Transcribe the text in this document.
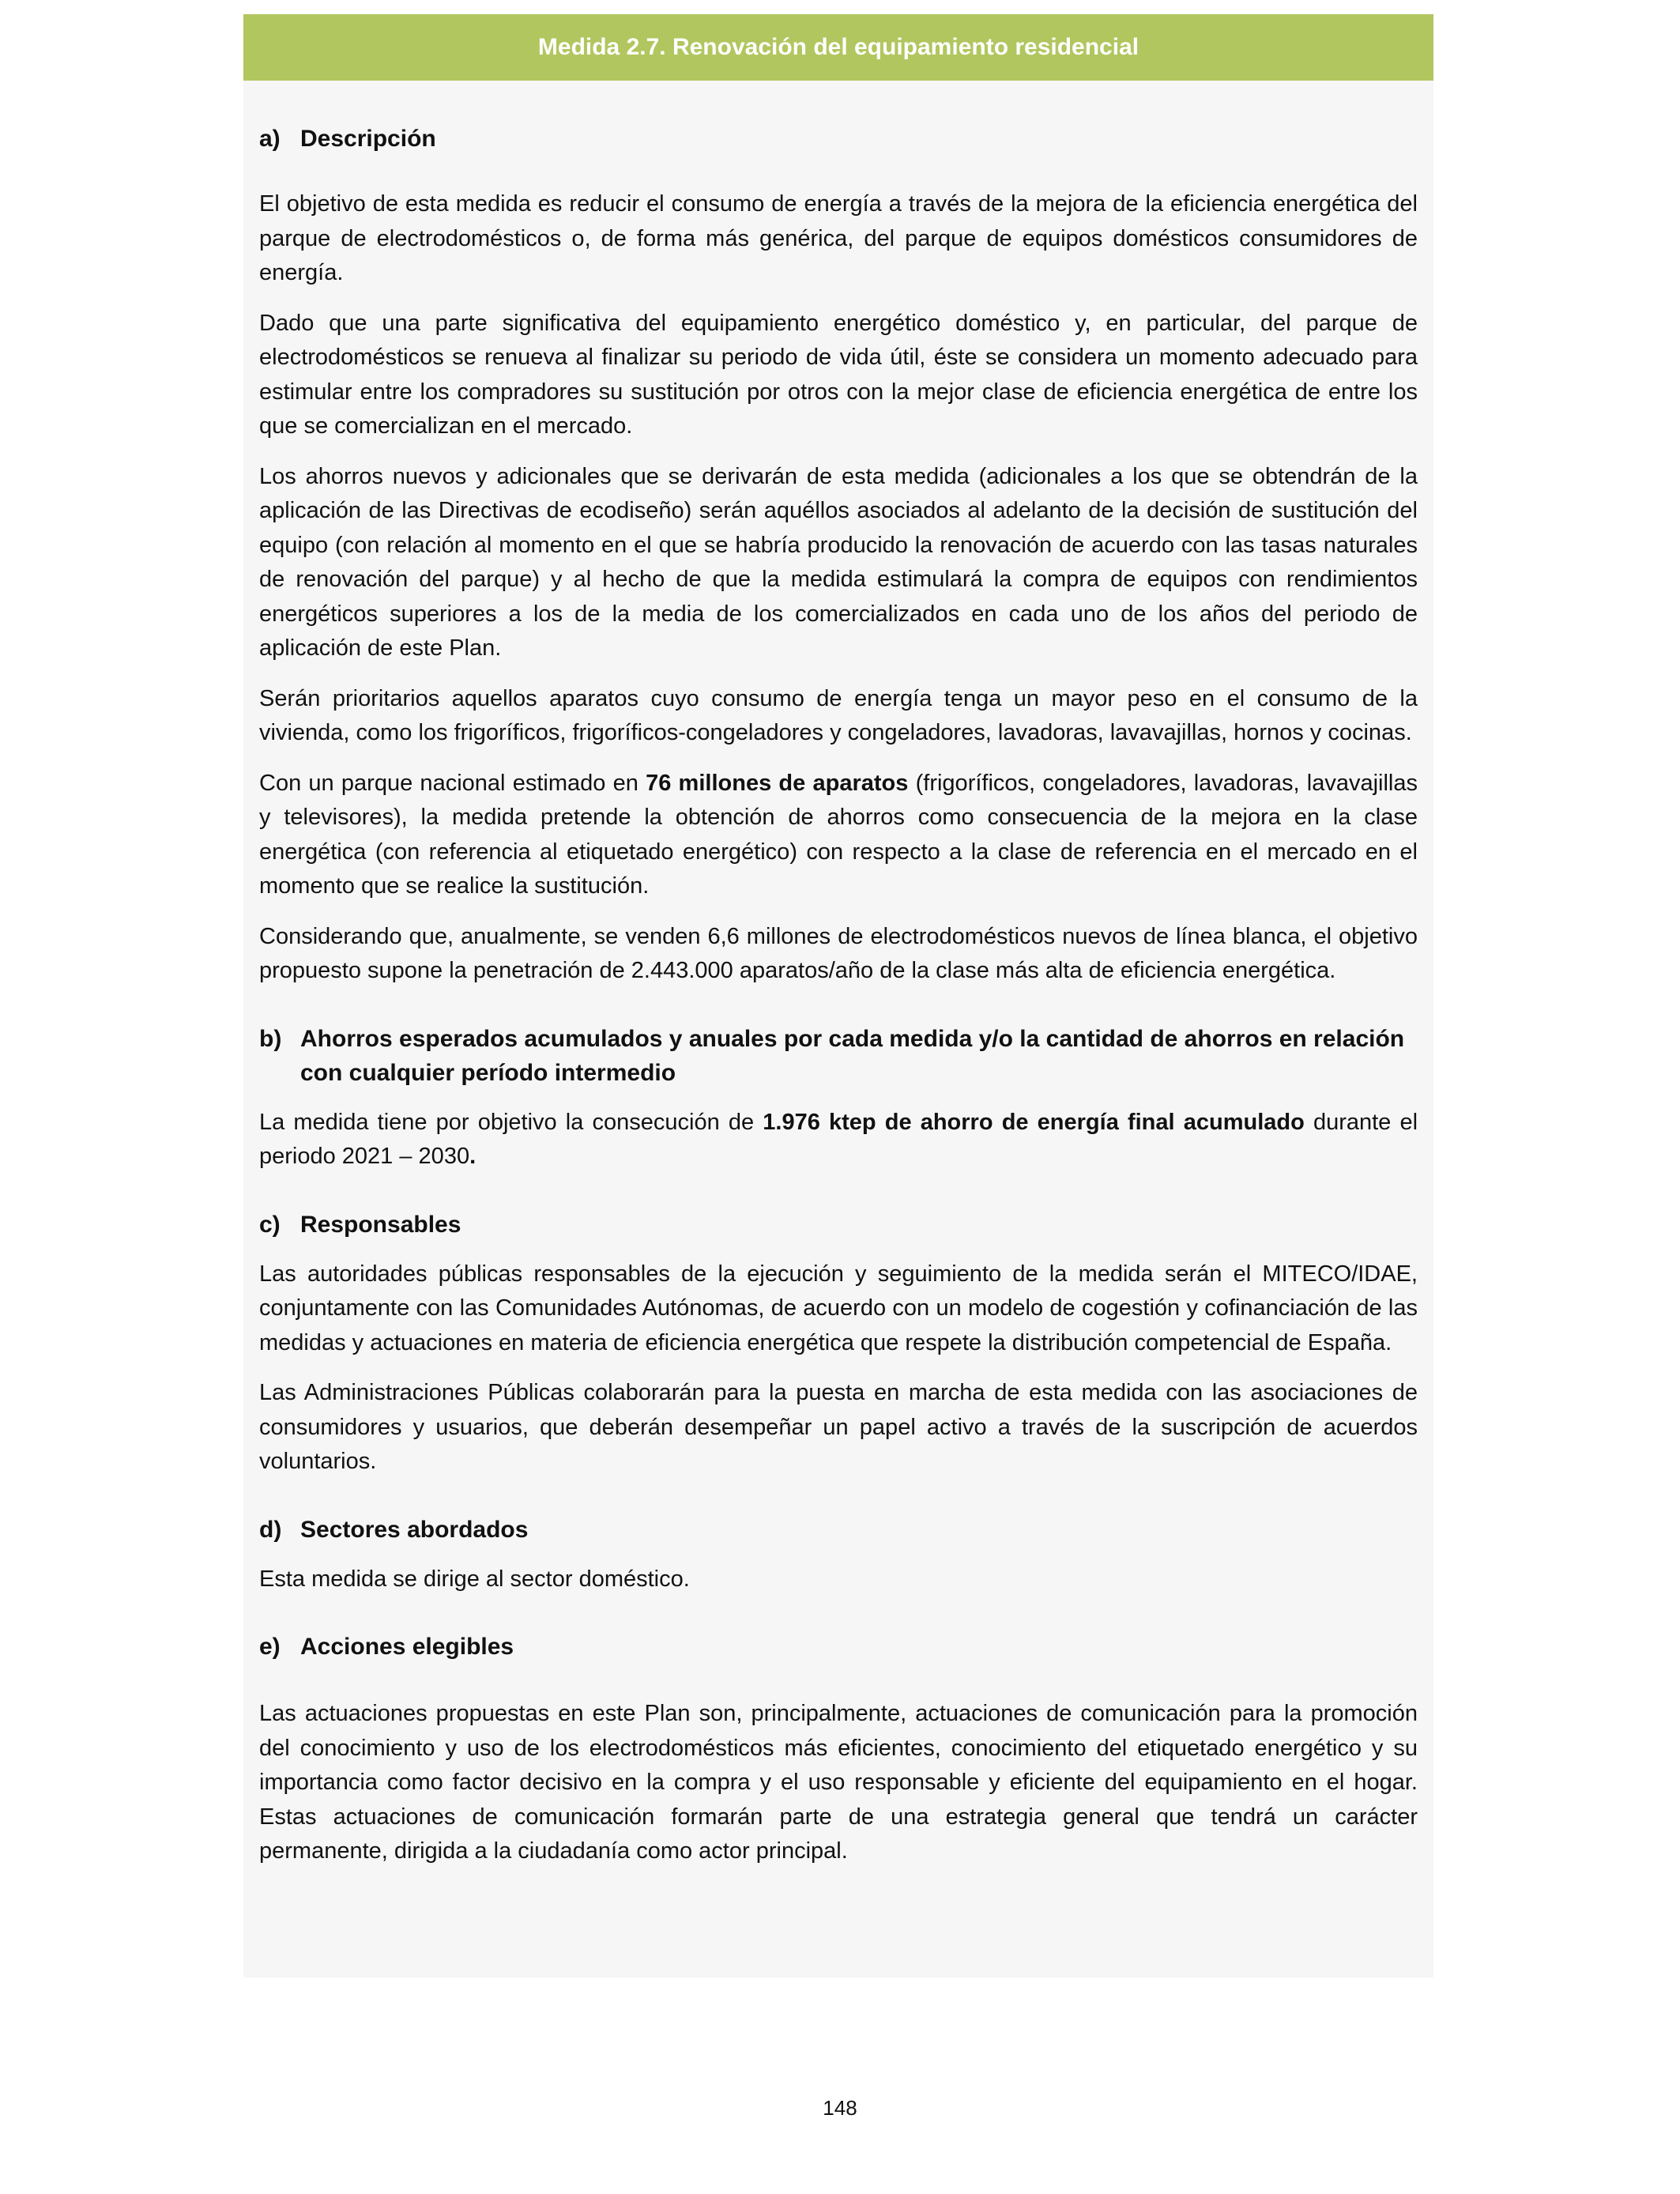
Medida 2.7. Renovación del equipamiento residencial
a) Descripción

El objetivo de esta medida es reducir el consumo de energía a través de la mejora de la eficiencia energética del parque de electrodomésticos o, de forma más genérica, del parque de equipos domésticos consumidores de energía.

Dado que una parte significativa del equipamiento energético doméstico y, en particular, del parque de electrodomésticos se renueva al finalizar su periodo de vida útil, éste se considera un momento adecuado para estimular entre los compradores su sustitución por otros con la mejor clase de eficiencia energética de entre los que se comercializan en el mercado.

Los ahorros nuevos y adicionales que se derivarán de esta medida (adicionales a los que se obtendrán de la aplicación de las Directivas de ecodiseño) serán aquéllos asociados al adelanto de la decisión de sustitución del equipo (con relación al momento en el que se habría producido la renovación de acuerdo con las tasas naturales de renovación del parque) y al hecho de que la medida estimulará la compra de equipos con rendimientos energéticos superiores a los de la media de los comercializados en cada uno de los años del periodo de aplicación de este Plan.

Serán prioritarios aquellos aparatos cuyo consumo de energía tenga un mayor peso en el consumo de la vivienda, como los frigoríficos, frigoríficos-congeladores y congeladores, lavadoras, lavavajillas, hornos y cocinas.

Con un parque nacional estimado en 76 millones de aparatos (frigoríficos, congeladores, lavadoras, lavavajillas y televisores), la medida pretende la obtención de ahorros como consecuencia de la mejora en la clase energética (con referencia al etiquetado energético) con respecto a la clase de referencia en el mercado en el momento que se realice la sustitución.

Considerando que, anualmente, se venden 6,6 millones de electrodomésticos nuevos de línea blanca, el objetivo propuesto supone la penetración de 2.443.000 aparatos/año de la clase más alta de eficiencia energética.

b) Ahorros esperados acumulados y anuales por cada medida y/o la cantidad de ahorros en relación con cualquier período intermedio

La medida tiene por objetivo la consecución de 1.976 ktep de ahorro de energía final acumulado durante el periodo 2021 – 2030.

c) Responsables

Las autoridades públicas responsables de la ejecución y seguimiento de la medida serán el MITECO/IDAE, conjuntamente con las Comunidades Autónomas, de acuerdo con un modelo de cogestión y cofinanciación de las medidas y actuaciones en materia de eficiencia energética que respete la distribución competencial de España.

Las Administraciones Públicas colaborarán para la puesta en marcha de esta medida con las asociaciones de consumidores y usuarios, que deberán desempeñar un papel activo a través de la suscripción de acuerdos voluntarios.

d) Sectores abordados

Esta medida se dirige al sector doméstico.

e) Acciones elegibles

Las actuaciones propuestas en este Plan son, principalmente, actuaciones de comunicación para la promoción del conocimiento y uso de los electrodomésticos más eficientes, conocimiento del etiquetado energético y su importancia como factor decisivo en la compra y el uso responsable y eficiente del equipamiento en el hogar. Estas actuaciones de comunicación formarán parte de una estrategia general que tendrá un carácter permanente, dirigida a la ciudadanía como actor principal.

148
